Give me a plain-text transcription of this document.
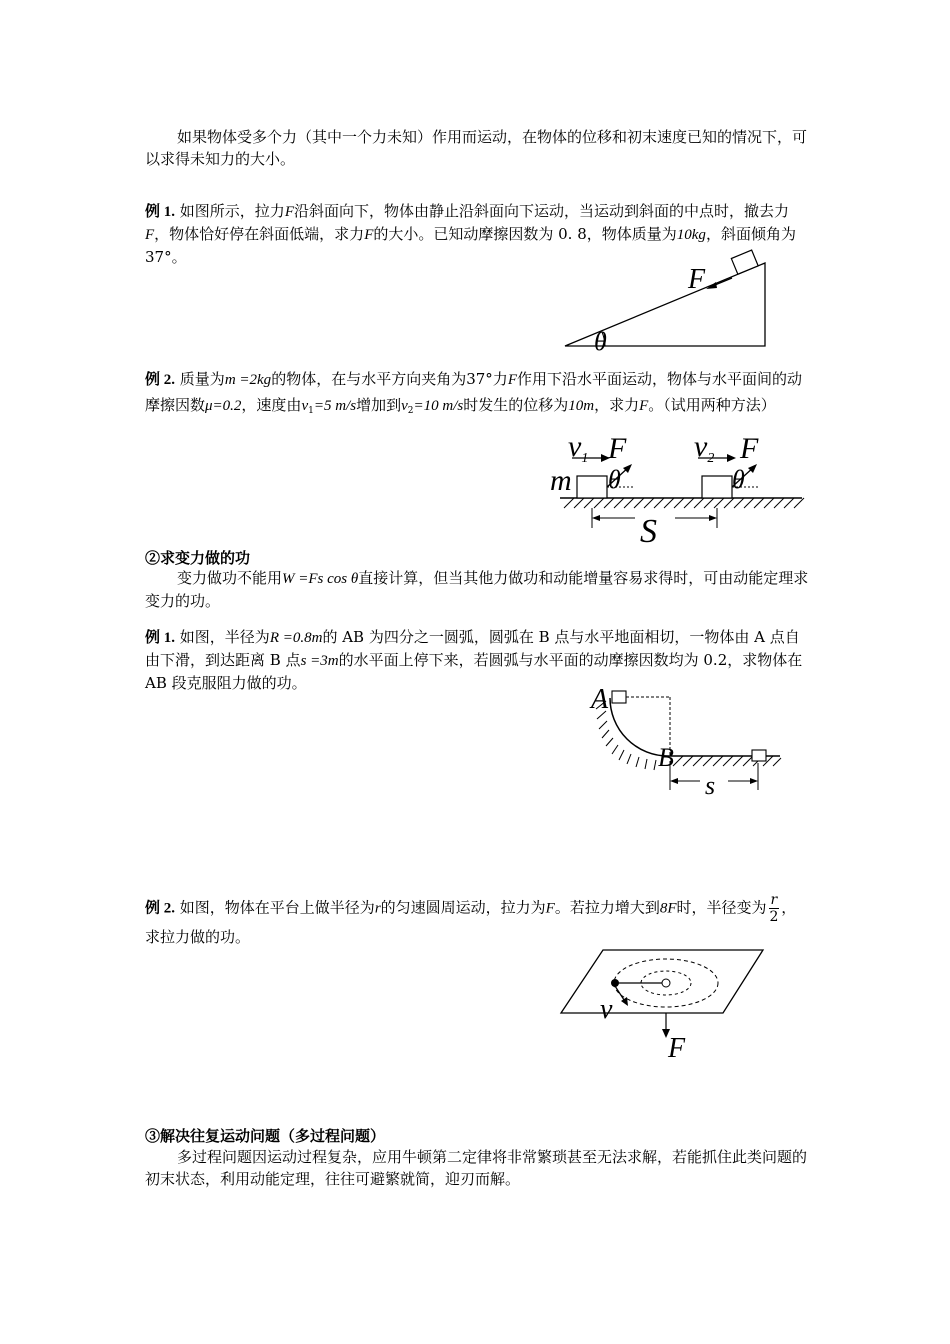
如果物体受多个力（其中一个力未知）作用而运动，在物体的位移和初末速度已知的情况下，可以求得未知力的大小。

例 1. 如图所示，拉力F沿斜面向下，物体由静止沿斜面向下运动，当运动到斜面的中点时，撤去力F，物体恰好停在斜面低端，求力F的大小。已知动摩擦因数为 0. 8，物体质量为10kg，斜面倾角为37°。

F
θ

例 2. 质量为m =2kg的物体，在与水平方向夹角为37°力F作用下沿水平面运动，物体与水平面间的动摩擦因数μ=0.2，速度由$v_1=5$ m/s增加到$v_2=10$ m/s时发生的位移为10m，求力F。（试用两种方法）

$v_1$ F
m θ
$v_2$ F
θ
S

②求变力做的功

变力做功不能用W =Fs cos θ直接计算，但当其他力做功和动能增量容易求得时，可由动能定理求变力的功。

例 1. 如图，半径为R =0.8m的 AB 为四分之一圆弧，圆弧在 B 点与水平地面相切，一物体由 A 点自由下滑，到达距离 B 点s =3m的水平面上停下来，若圆弧与水平面的动摩擦因数均为 0.2，求物体在 AB 段克服阻力做的功。

A
B
s

例 2. 如图，物体在平台上做半径为r的匀速圆周运动，拉力为F。若拉力增大到8F时，半径变为 $\frac{r}{2}$ ，求拉力做的功。

v
F

③解决往复运动问题（多过程问题）

多过程问题因运动过程复杂，应用牛顿第二定律将非常繁琐甚至无法求解，若能抓住此类问题的初末状态，利用动能定理，往往可避繁就简，迎刃而解。
